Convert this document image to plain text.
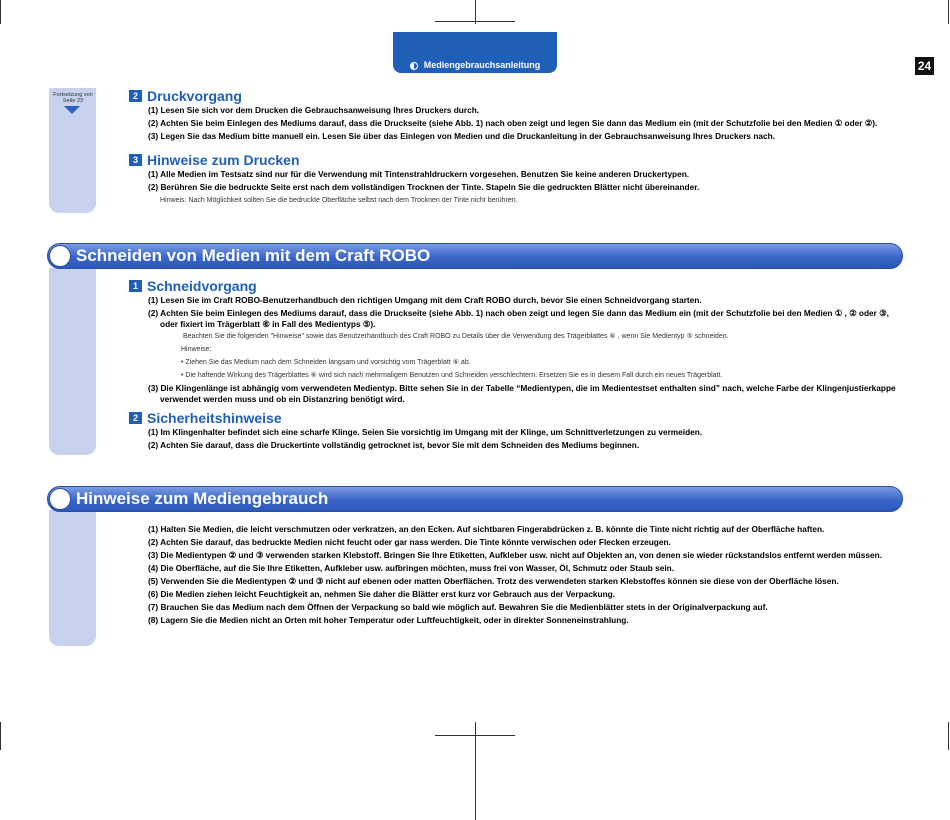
Mediengebrauchsanleitung	24
Fortsetzung von Seite 23	2 Druckvorgang
(1) Lesen Sie sich vor dem Drucken die Gebrauchsanweisung Ihres Druckers durch.
(2) Achten Sie beim Einlegen des Mediums darauf, dass die Druckseite (siehe Abb. 1) nach oben zeigt und legen Sie dann das Medium ein (mit der Schutzfolie bei den Medien ① oder ②).
(3) Legen Sie das Medium bitte manuell ein. Lesen Sie über das Einlegen von Medien und die Druckanleitung in der Gebrauchsanweisung Ihres Druckers nach.
3 Hinweise zum Drucken
(1) Alle Medien im Testsatz sind nur für die Verwendung mit Tintenstrahldruckern vorgesehen. Benutzen Sie keine anderen Druckertypen.
(2) Berühren Sie die bedruckte Seite erst nach dem vollständigen Trocknen der Tinte. Stapeln Sie die gedruckten Blätter nicht übereinander.
Hinweis: Nach Möglichkeit sollten Sie die bedruckte Oberfläche selbst nach dem Trocknen der Tinte nicht berühren.
Schneiden von Medien mit dem Craft ROBO
1 Schneidvorgang
(1) Lesen Sie im Craft ROBO-Benutzerhandbuch den richtigen Umgang mit dem Craft ROBO durch, bevor Sie einen Schneidvorgang starten.
(2) Achten Sie beim Einlegen des Mediums darauf, dass die Druckseite (siehe Abb. 1) nach oben zeigt und legen Sie dann das Medium ein (mit der Schutzfolie bei den Medien ① , ② oder ③,
oder fixiert im Trägerblatt ⑥ in Fall des Medientyps ⑤).
Beachten Sie die folgenden "Hinweise" sowie das Benutzerhandbuch des Craft ROBO zu Details über die Verwendung des Trägerblattes ⑥ , wenn Sie Medientyp ⑤ schneiden.
Hinweise:
• Ziehen Sie das Medium nach dem Schneiden langsam und vorsichtig vom Trägerblatt ⑥ ab.
• Die haftende Wirkung des Trägerblattes ⑥ wird sich nach mehrmaligem Benutzen und Schneiden verschlechtern. Ersetzen Sie es in diesem Fall durch ein neues Trägerblatt.
(3) Die Klingenlänge ist abhängig vom verwendeten Medientyp. Bitte sehen Sie in der Tabelle “Medientypen, die im Medientestset enthalten sind” nach, welche Farbe der Klingenjustierkappe
verwendet werden muss und ob ein Distanzring benötigt wird.
2 Sicherheitshinweise
(1) Im Klingenhalter befindet sich eine scharfe Klinge. Seien Sie vorsichtig im Umgang mit der Klinge, um Schnittverletzungen zu vermeiden.
(2) Achten Sie darauf, dass die Druckertinte vollständig getrocknet ist, bevor Sie mit dem Schneiden des Mediums beginnen.
Hinweise zum Mediengebrauch
(1) Halten Sie Medien, die leicht verschmutzen oder verkratzen, an den Ecken. Auf sichtbaren Fingerabdrücken z. B. könnte die Tinte nicht richtig auf der Oberfläche haften.
(2) Achten Sie darauf, das bedruckte Medien nicht feucht oder gar nass werden. Die Tinte könnte verwischen oder Flecken erzeugen.
(3) Die Medientypen ② und ③ verwenden starken Klebstoff. Bringen Sie Ihre Etiketten, Aufkleber usw. nicht auf Objekten an, von denen sie wieder rückstandslos entfernt werden müssen.
(4) Die Oberfläche, auf die Sie Ihre Etiketten, Aufkleber usw. aufbringen möchten, muss frei von Wasser, Öl, Schmutz oder Staub sein.
(5) Verwenden Sie die Medientypen ② und ③ nicht auf ebenen oder matten Oberflächen. Trotz des verwendeten starken Klebstoffes können sie diese von der Oberfläche lösen.
(6) Die Medien ziehen leicht Feuchtigkeit an, nehmen Sie daher die Blätter erst kurz vor Gebrauch aus der Verpackung.
(7) Brauchen Sie das Medium nach dem Öffnen der Verpackung so bald wie möglich auf. Bewahren Sie die Medienblätter stets in der Originalverpackung auf.
(8) Lagern Sie die Medien nicht an Orten mit hoher Temperatur oder Luftfeuchtigkeit, oder in direkter Sonneneinstrahlung.
